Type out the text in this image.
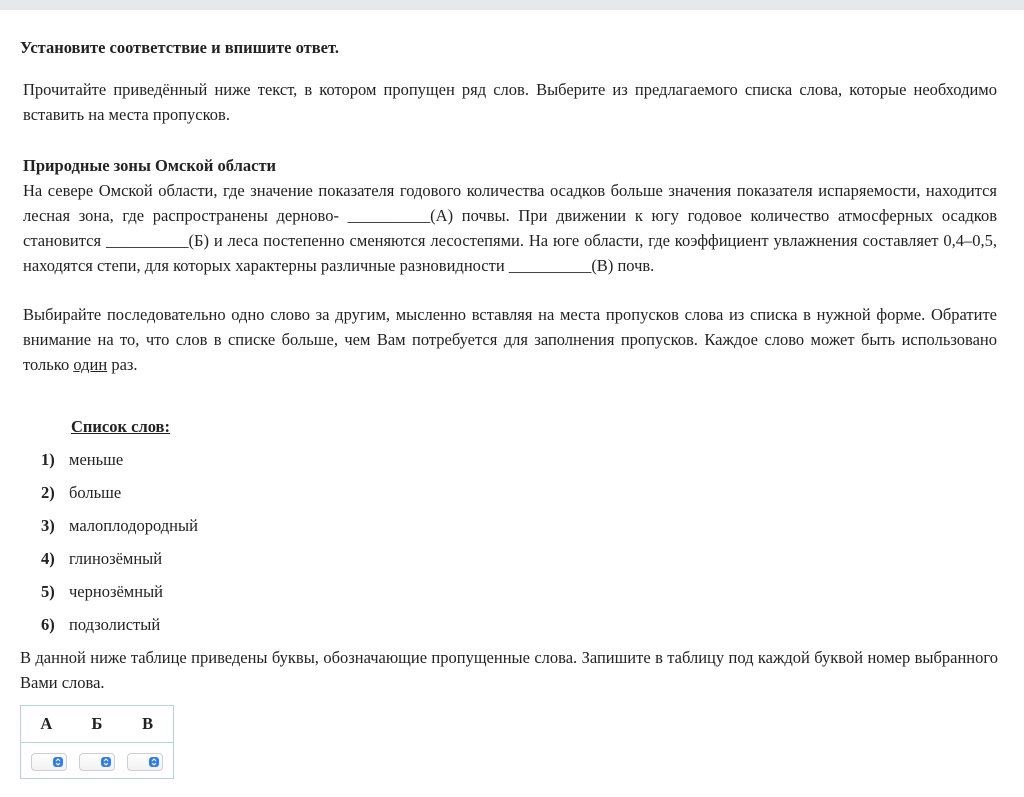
Установите соответствие и впишите ответ.

Прочитайте приведённый ниже текст, в котором пропущен ряд слов. Выберите из предлагаемого списка слова, которые необходимо вставить на места пропусков.

Природные зоны Омской области

На севере Омской области, где значение показателя годового количества осадков больше значения показателя испаряемости, находится лесная зона, где распространены дерново- __________(А) почвы. При движении к югу годовое количество атмосферных осадков становится __________(Б) и леса постепенно сменяются лесостепями. На юге области, где коэффициент увлажнения составляет 0,4–0,5, находятся степи, для которых характерны различные разновидности __________(В) почв.

Выбирайте последовательно одно слово за другим, мысленно вставляя на места пропусков слова из списка в нужной форме. Обратите внимание на то, что слов в списке больше, чем Вам потребуется для заполнения пропусков. Каждое слово может быть использовано только один раз.

Список слов:
1) меньше
2) больше
3) малоплодородный
4) глинозёмный
5) чернозёмный
6) подзолистый

В данной ниже таблице приведены буквы, обозначающие пропущенные слова. Запишите в таблицу под каждой буквой номер выбранного Вами слова.

А	Б	В
